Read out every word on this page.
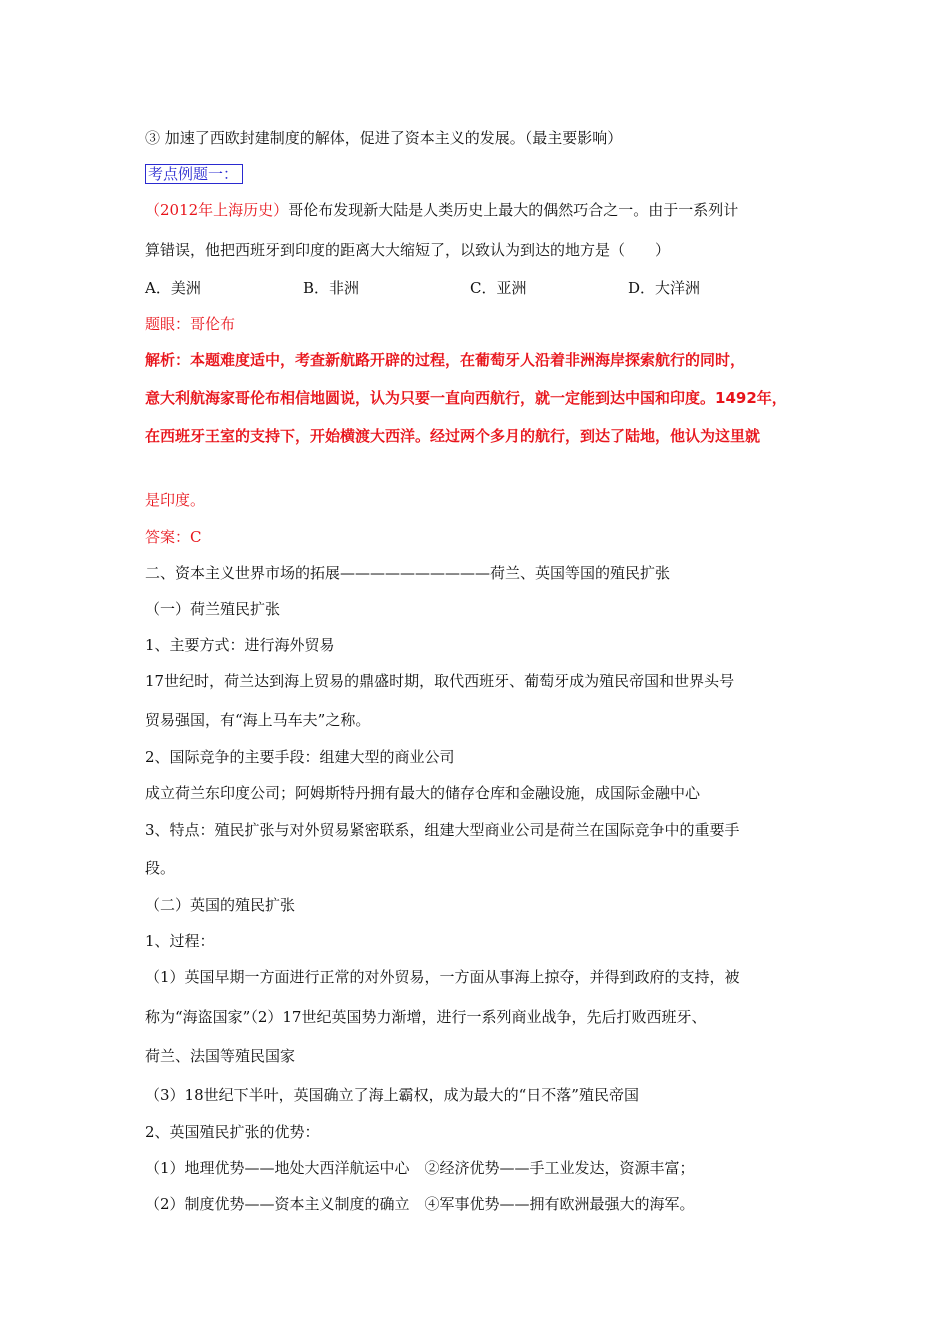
③ 加速了西欧封建制度的解体，促进了资本主义的发展。（最主要影响）
考点例题一：
（2012年上海历史）哥伦布发现新大陆是人类历史上最大的偶然巧合之一。由于一系列计
算错误，他把西班牙到印度的距离大大缩短了，以致认为到达的地方是（　　）
A．美洲	B．非洲	C．亚洲	D．大洋洲
题眼：哥伦布
解析：本题难度适中，考查新航路开辟的过程，在葡萄牙人沿着非洲海岸探索航行的同时，
意大利航海家哥伦布相信地圆说，认为只要一直向西航行，就一定能到达中国和印度。1492年，
在西班牙王室的支持下，开始横渡大西洋。经过两个多月的航行，到达了陆地，他认为这里就
是印度。
答案：C
二、资本主义世界市场的拓展——————————荷兰、英国等国的殖民扩张
（一）荷兰殖民扩张
1、主要方式：进行海外贸易
17世纪时，荷兰达到海上贸易的鼎盛时期，取代西班牙、葡萄牙成为殖民帝国和世界头号
贸易强国，有“海上马车夫”之称。
2、国际竞争的主要手段：组建大型的商业公司
成立荷兰东印度公司；阿姆斯特丹拥有最大的储存仓库和金融设施，成国际金融中心
3、特点：殖民扩张与对外贸易紧密联系，组建大型商业公司是荷兰在国际竞争中的重要手
段。
（二）英国的殖民扩张
1、过程：
（1）英国早期一方面进行正常的对外贸易，一方面从事海上掠夺，并得到政府的支持，被
称为“海盗国家”（2）17世纪英国势力渐增，进行一系列商业战争，先后打败西班牙、
荷兰、法国等殖民国家
（3）18世纪下半叶，英国确立了海上霸权，成为最大的“日不落”殖民帝国
2、英国殖民扩张的优势：
（1）地理优势——地处大西洋航运中心　②经济优势——手工业发达，资源丰富；
（2）制度优势——资本主义制度的确立　④军事优势——拥有欧洲最强大的海军。
